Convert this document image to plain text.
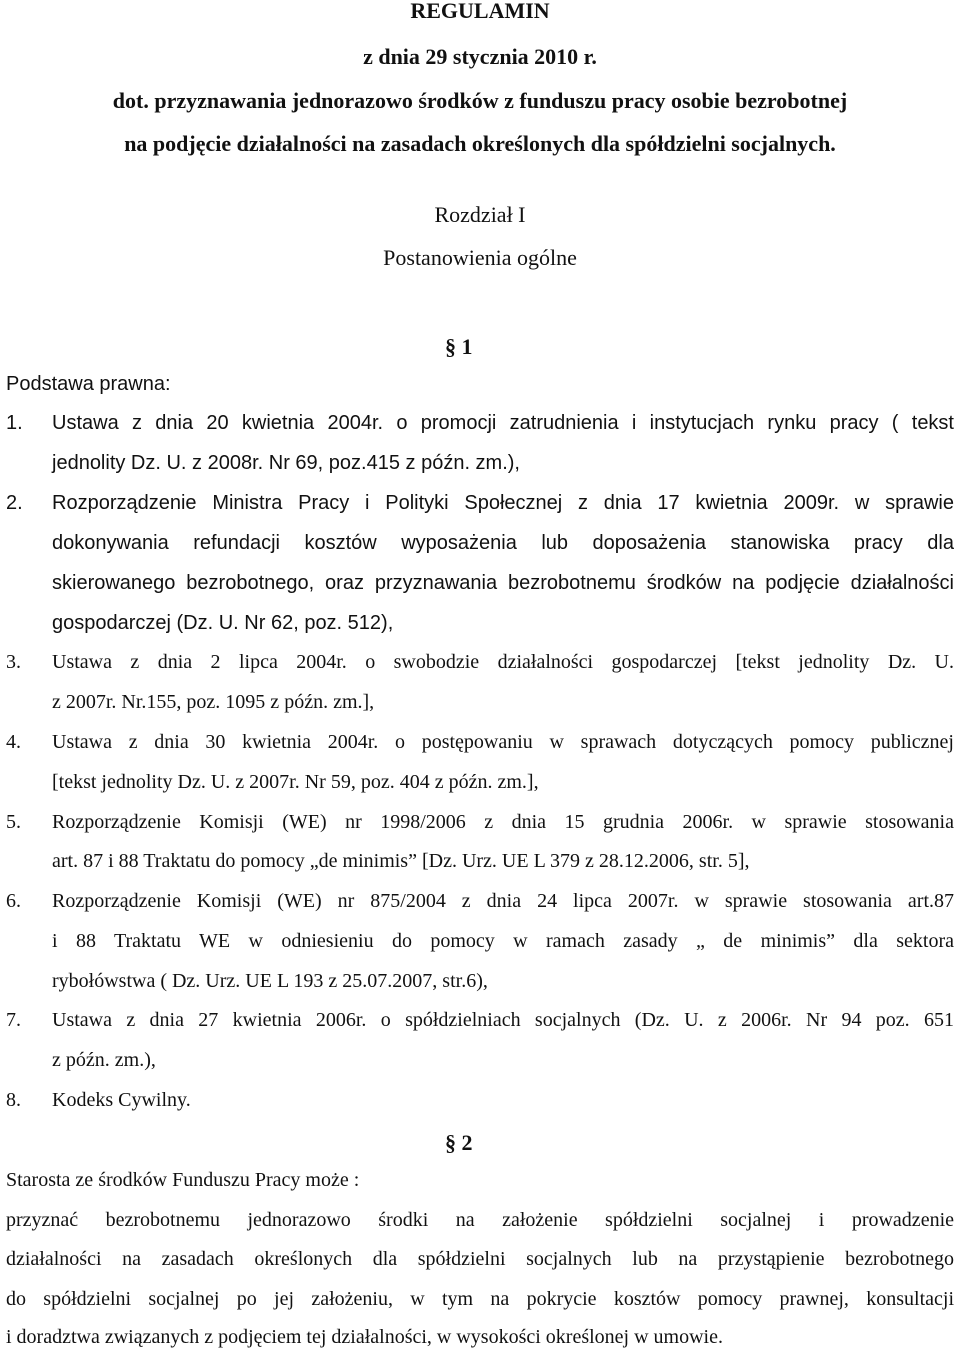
REGULAMIN
z dnia 29 stycznia 2010 r.
dot. przyznawania jednorazowo środków z funduszu pracy osobie bezrobotnej
na podjęcie działalności na zasadach określonych dla spółdzielni socjalnych.
Rozdział I
Postanowienia ogólne
§ 1
Podstawa prawna:
1. Ustawa z dnia 20 kwietnia 2004r. o promocji zatrudnienia i instytucjach rynku pracy ( tekst
jednolity Dz. U. z 2008r. Nr 69, poz.415 z późn. zm.),
2. Rozporządzenie Ministra Pracy i Polityki Społecznej z dnia 17 kwietnia 2009r. w sprawie
dokonywania refundacji kosztów wyposażenia lub doposażenia stanowiska pracy dla
skierowanego bezrobotnego, oraz przyznawania bezrobotnemu środków na podjęcie działalności
gospodarczej (Dz. U. Nr 62, poz. 512),
3. Ustawa z dnia 2 lipca 2004r. o swobodzie działalności gospodarczej [tekst jednolity Dz. U.
z 2007r. Nr.155, poz. 1095 z późn. zm.],
4. Ustawa z dnia 30 kwietnia 2004r. o postępowaniu w sprawach dotyczących pomocy publicznej
[tekst jednolity Dz. U. z 2007r. Nr 59, poz. 404 z późn. zm.],
5. Rozporządzenie Komisji (WE) nr 1998/2006 z dnia 15 grudnia 2006r. w sprawie stosowania
art. 87 i 88 Traktatu do pomocy „de minimis” [Dz. Urz. UE L 379 z 28.12.2006, str. 5],
6. Rozporządzenie Komisji (WE) nr 875/2004 z dnia 24 lipca 2007r. w sprawie stosowania art.87
i 88 Traktatu WE w odniesieniu do pomocy w ramach zasady „ de minimis” dla sektora
rybołówstwa ( Dz. Urz. UE L 193 z 25.07.2007, str.6),
7. Ustawa z dnia 27 kwietnia 2006r. o spółdzielniach socjalnych (Dz. U. z 2006r. Nr 94 poz. 651
z późn. zm.),
8. Kodeks Cywilny.
§ 2
Starosta ze środków Funduszu Pracy może :
przyznać bezrobotnemu jednorazowo środki na założenie spółdzielni socjalnej i prowadzenie
działalności na zasadach określonych dla spółdzielni socjalnych lub na przystąpienie bezrobotnego
do spółdzielni socjalnej po jej założeniu, w tym na pokrycie kosztów pomocy prawnej, konsultacji
i doradztwa związanych z podjęciem tej działalności, w wysokości określonej w umowie.
